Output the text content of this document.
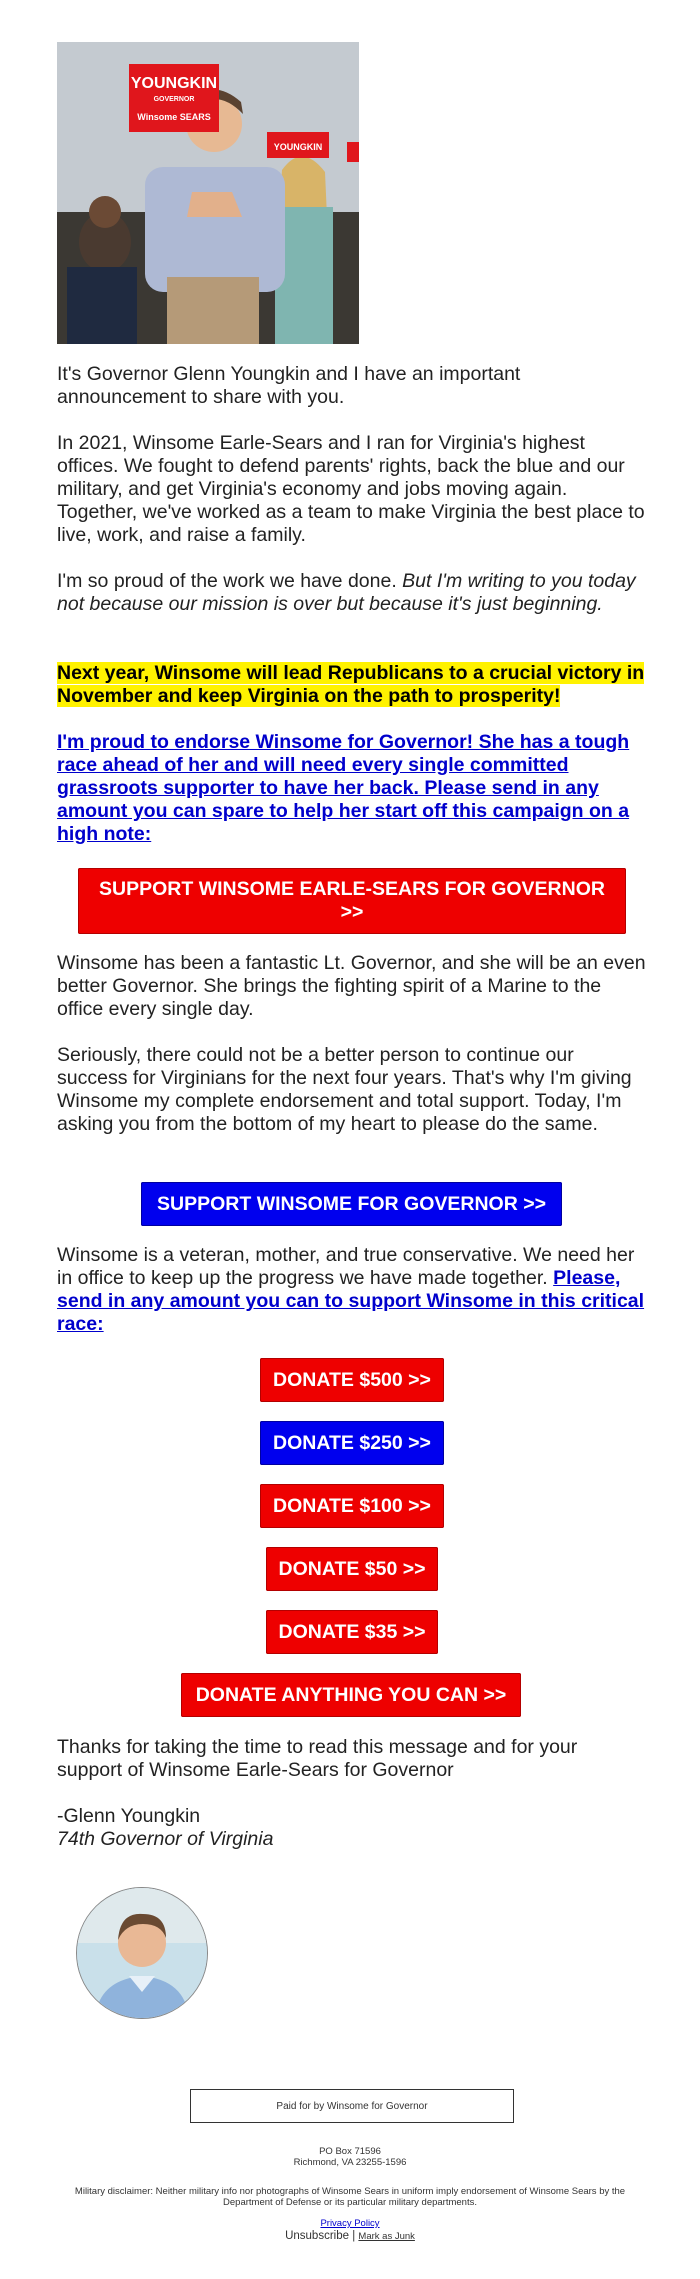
YOUNGKIN
GOVERNOR
Winsome SEARS
YOUNGKIN

It's Governor Glenn Youngkin and I have an important announcement to share with you.

In 2021, Winsome Earle-Sears and I ran for Virginia's highest offices. We fought to defend parents' rights, back the blue and our military, and get Virginia's economy and jobs moving again. Together, we've worked as a team to make Virginia the best place to live, work, and raise a family.

I'm so proud of the work we have done. But I'm writing to you today not because our mission is over but because it's just beginning.

Next year, Winsome will lead Republicans to a crucial victory in November and keep Virginia on the path to prosperity!

I'm proud to endorse Winsome for Governor! She has a tough race ahead of her and will need every single committed grassroots supporter to have her back. Please send in any amount you can spare to help her start off this campaign on a high note:

SUPPORT WINSOME EARLE-SEARS FOR GOVERNOR >>

Winsome has been a fantastic Lt. Governor, and she will be an even better Governor. She brings the fighting spirit of a Marine to the office every single day.

Seriously, there could not be a better person to continue our success for Virginians for the next four years. That's why I'm giving Winsome my complete endorsement and total support. Today, I'm asking you from the bottom of my heart to please do the same.

SUPPORT WINSOME FOR GOVERNOR >>

Winsome is a veteran, mother, and true conservative. We need her in office to keep up the progress we have made together. Please, send in any amount you can to support Winsome in this critical race:

DONATE $500 >>
DONATE $250 >>
DONATE $100 >>
DONATE $50 >>
DONATE $35 >>
DONATE ANYTHING YOU CAN >>

Thanks for taking the time to read this message and for your support of Winsome Earle-Sears for Governor

-Glenn Youngkin

74th Governor of Virginia

Paid for by Winsome for Governor
PO Box 71596
Richmond, VA 23255-1596
Military disclaimer: Neither military info nor photographs of Winsome Sears in uniform imply endorsement of Winsome Sears by the Department of Defense or its particular military departments.
Privacy Policy
Unsubscribe | Mark as Junk
